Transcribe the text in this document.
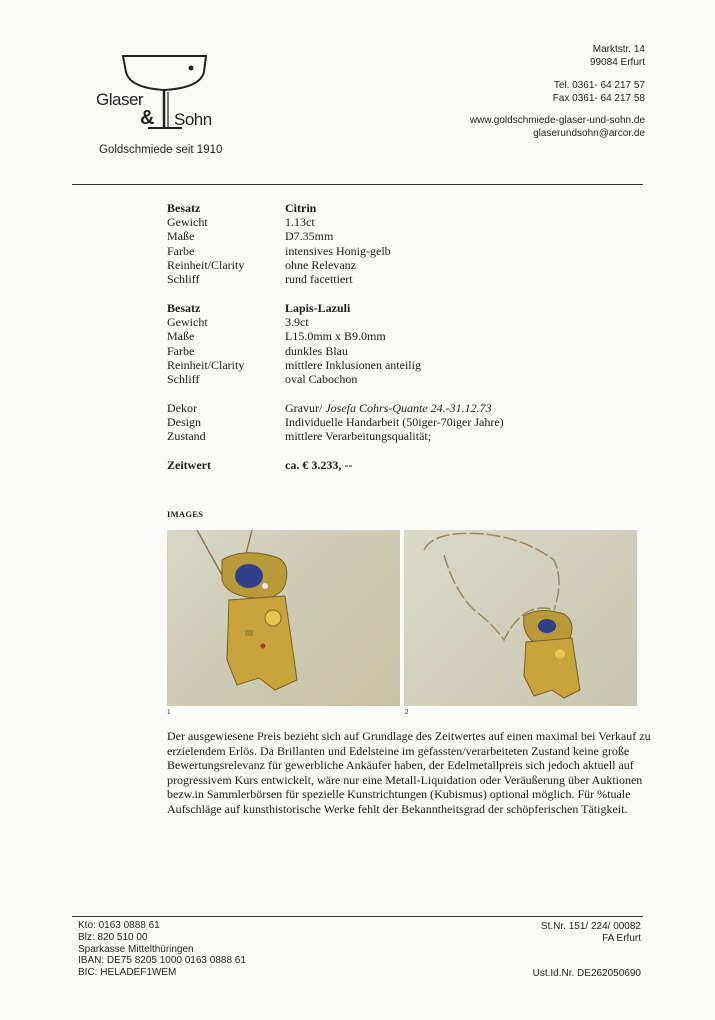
Glaser
& Sohn
Goldschmiede seit 1910
Marktstr. 14
99084 Erfurt
Tel. 0361- 64 217 57
Fax 0361- 64 217 58
www.goldschmiede-glaser-und-sohn.de
glaserundsohn@arcor.de
Besatz	Citrin
Gewicht	1.13ct
Maße	D7.35mm
Farbe	intensives Honig-gelb
Reinheit/Clarity	ohne Relevanz
Schliff	rund facettiert
Besatz	Lapis-Lazuli
Gewicht	3.9ct
Maße	L15.0mm x B9.0mm
Farbe	dunkles Blau
Reinheit/Clarity	mittlere Inklusionen anteilig
Schliff	oval Cabochon
Dekor	Gravur/ Josefa Cohrs-Quante 24.-31.12.73
Design	Individuelle Handarbeit (50iger-70iger Jahre)
Zustand	mittlere Verarbeitungsqualität;
Zeitwert	ca. € 3.233, --
IMAGES
1	2
Der ausgewiesene Preis bezieht sich auf Grundlage des Zeitwertes auf einen maximal bei Verkauf zu erzielendem Erlös. Da Brillanten und Edelsteine im gefassten/verarbeiteten Zustand keine große Bewertungsrelevanz für gewerbliche Ankäufer haben, der Edelmetallpreis sich jedoch aktuell auf progressivem Kurs entwickelt, wäre nur eine Metall-Liquidation oder Veräußerung über Auktionen bezw.in Sammlerbörsen für spezielle Kunstrichtungen (Kubismus) optional möglich. Für %tuale Aufschläge auf kunsthistorische Werke fehlt der Bekanntheitsgrad der schöpferischen Tätigkeit.
Kto: 0163 0888 61
Blz: 820 510 00
Sparkasse Mittelthüringen
IBAN: DE75 8205 1000 0163 0888 61
BIC: HELADEF1WEM
St.Nr. 151/ 224/ 00082
FA Erfurt
Ust.Id.Nr. DE262050690
